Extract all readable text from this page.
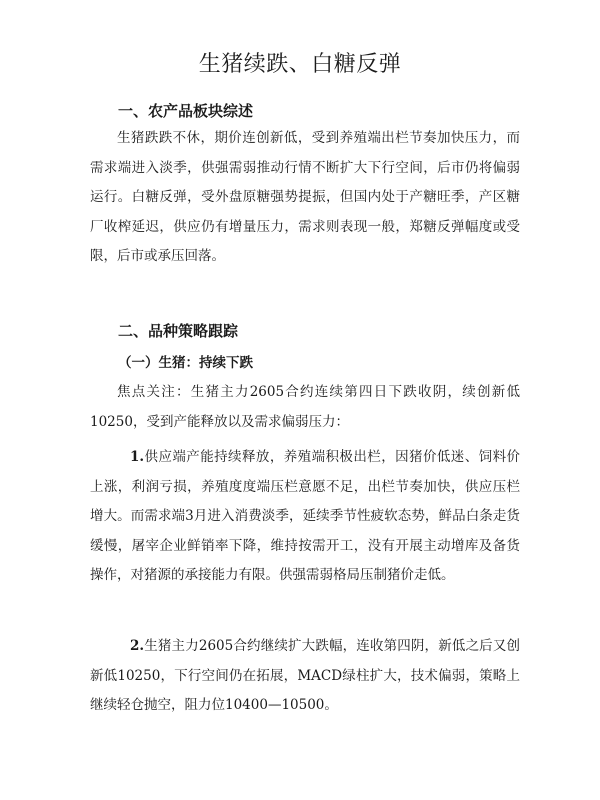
生猪续跌、白糖反弹
一、农产品板块综述

生猪跌跌不休，期价连创新低，受到养殖端出栏节奏加快压力，而需求端进入淡季，供强需弱推动行情不断扩大下行空间，后市仍将偏弱运行。白糖反弹，受外盘原糖强势提振，但国内处于产糖旺季，产区糖厂收榨延迟，供应仍有增量压力，需求则表现一般，郑糖反弹幅度或受限，后市或承压回落。

二、品种策略跟踪
（一）生猪：持续下跌

焦点关注：生猪主力2605合约连续第四日下跌收阴，续创新低10250，受到产能释放以及需求偏弱压力：

1.供应端产能持续释放，养殖端积极出栏，因猪价低迷、饲料价上涨，利润亏损，养殖度度端压栏意愿不足，出栏节奏加快，供应压栏增大。而需求端3月进入消费淡季，延续季节性疲软态势，鲜品白条走货缓慢，屠宰企业鲜销率下降，维持按需开工，没有开展主动增库及备货操作，对猪源的承接能力有限。供强需弱格局压制猪价走低。

2.生猪主力2605合约继续扩大跌幅，连收第四阴，新低之后又创新低10250，下行空间仍在拓展，MACD绿柱扩大，技术偏弱，策略上继续轻仓抛空，阻力位10400—10500。
